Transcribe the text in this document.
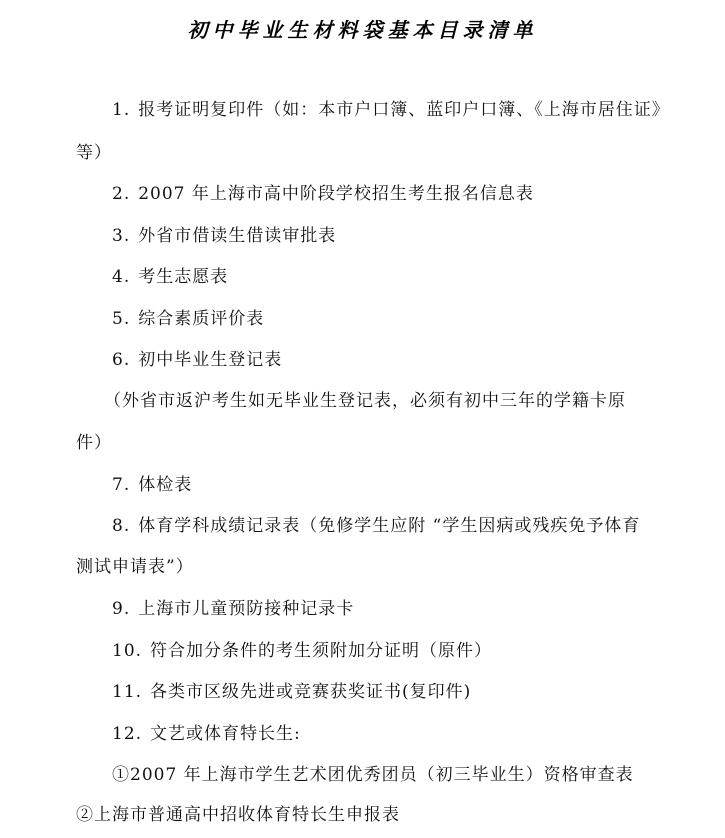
初中毕业生材料袋基本目录清单
1. 报考证明复印件（如：本市户口簿、蓝印户口簿、《上海市居住证》
等）
2. 2007 年上海市高中阶段学校招生考生报名信息表
3. 外省市借读生借读审批表
4. 考生志愿表
5. 综合素质评价表
6. 初中毕业生登记表
（外省市返沪考生如无毕业生登记表，必须有初中三年的学籍卡原
件）
7. 体检表
8. 体育学科成绩记录表（免修学生应附 “学生因病或残疾免予体育
测试申请表”）
9. 上海市儿童预防接种记录卡
10. 符合加分条件的考生须附加分证明（原件）
11. 各类市区级先进或竞赛获奖证书(复印件)
12. 文艺或体育特长生:
①2007 年上海市学生艺术团优秀团员（初三毕业生）资格审查表
②上海市普通高中招收体育特长生申报表
